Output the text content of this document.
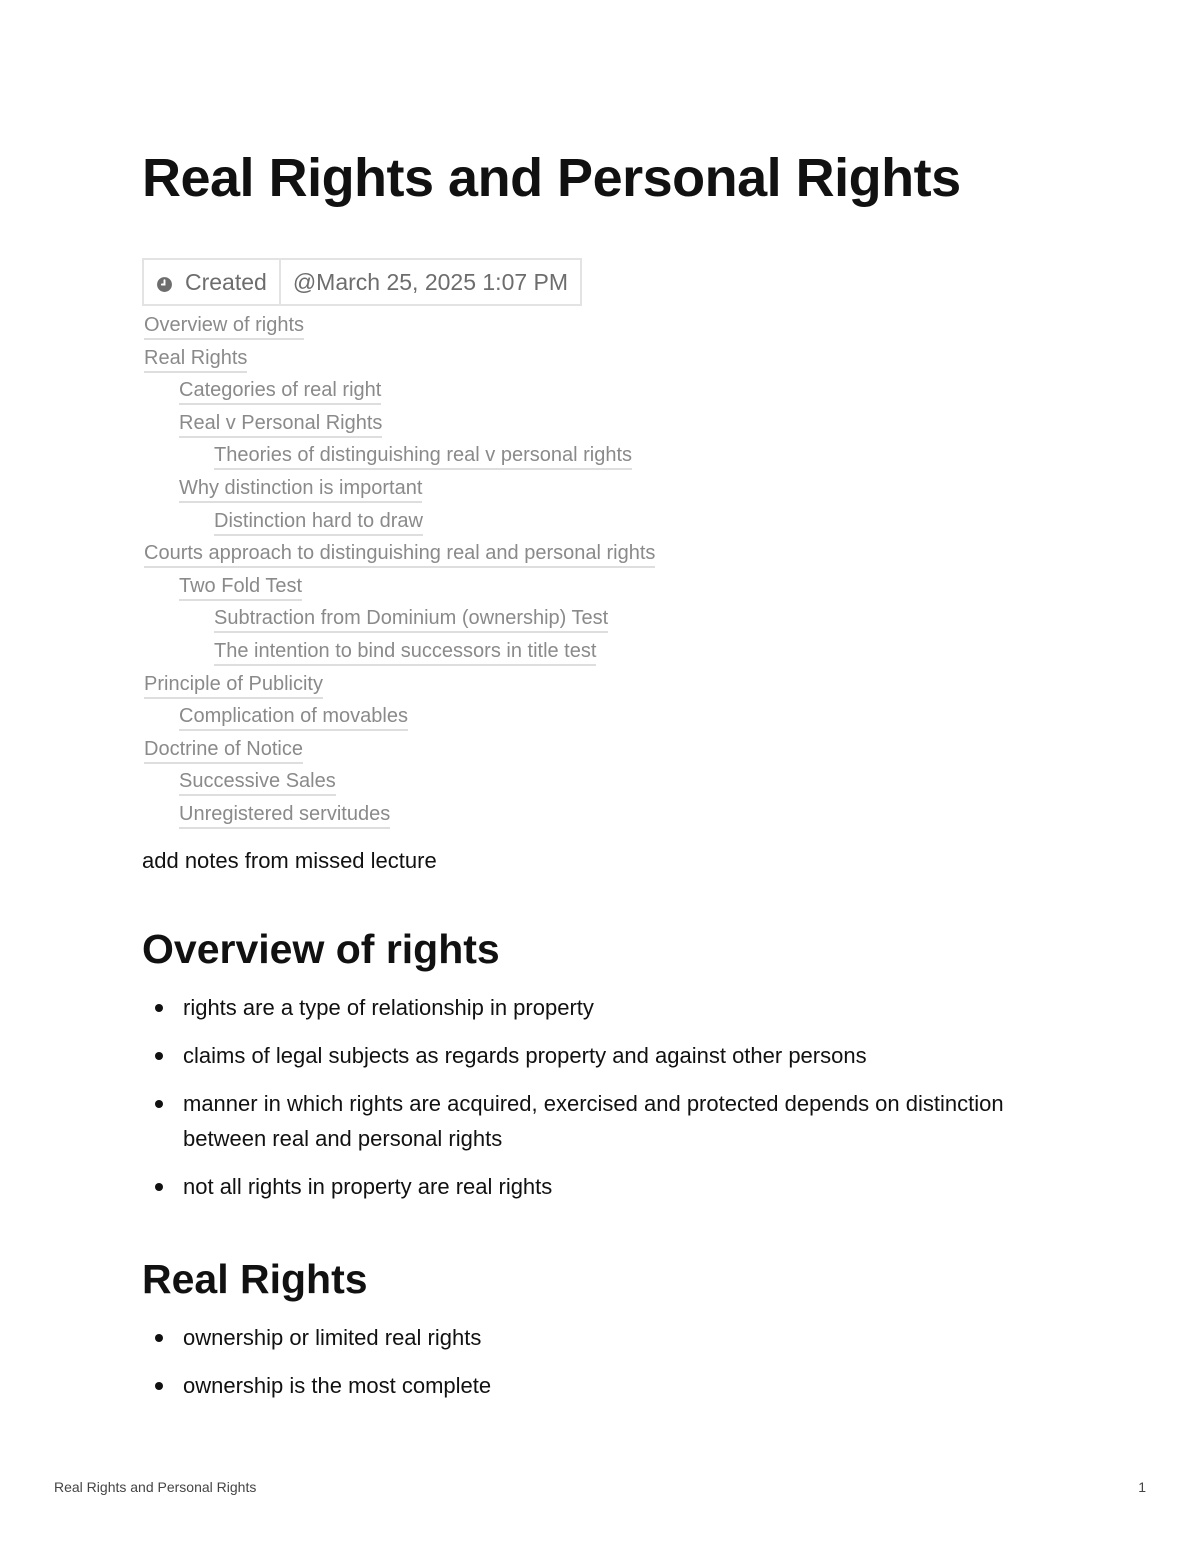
Real Rights and Personal Rights
Created	@March 25, 2025 1:07 PM
Overview of rights
Real Rights
Categories of real right
Real v Personal Rights
Theories of distinguishing real v personal rights
Why distinction is important
Distinction hard to draw
Courts approach to distinguishing real and personal rights
Two Fold Test
Subtraction from Dominium (ownership) Test
The intention to bind successors in title test
Principle of Publicity
Complication of movables
Doctrine of Notice
Successive Sales
Unregistered servitudes

add notes from missed lecture

Overview of rights
rights are a type of relationship in property
claims of legal subjects as regards property and against other persons
manner in which rights are acquired, exercised and protected depends on distinction between real and personal rights
not all rights in property are real rights
Real Rights
ownership or limited real rights
ownership is the most complete
Real Rights and Personal Rights	1
